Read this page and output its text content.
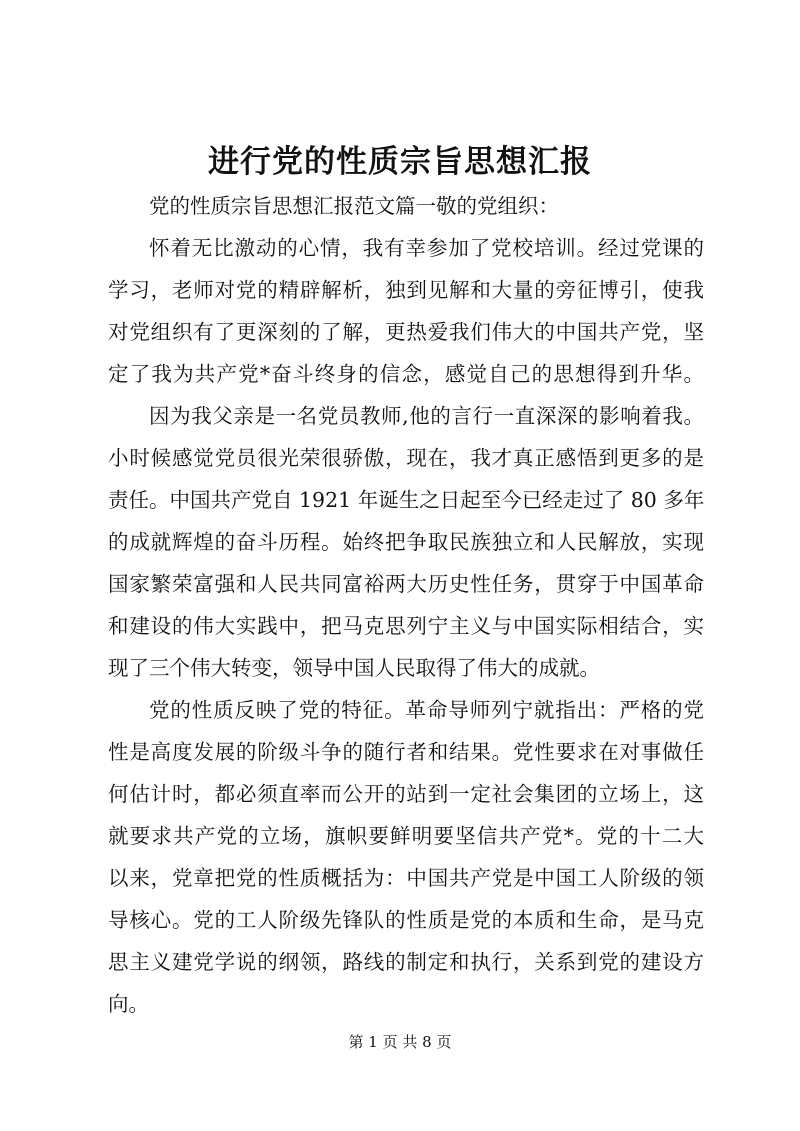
进行党的性质宗旨思想汇报
党的性质宗旨思想汇报范文篇一敬的党组织：
怀着无比激动的心情，我有幸参加了党校培训。经过党课的
学习，老师对党的精辟解析，独到见解和大量的旁征博引，使我
对党组织有了更深刻的了解，更热爱我们伟大的中国共产党，坚
定了我为共产党*奋斗终身的信念，感觉自己的思想得到升华。
因为我父亲是一名党员教师,他的言行一直深深的影响着我。
小时候感觉党员很光荣很骄傲，现在，我才真正感悟到更多的是
责任。中国共产党自 1921 年诞生之日起至今已经走过了 80 多年
的成就辉煌的奋斗历程。始终把争取民族独立和人民解放，实现
国家繁荣富强和人民共同富裕两大历史性任务，贯穿于中国革命
和建设的伟大实践中，把马克思列宁主义与中国实际相结合，实
现了三个伟大转变，领导中国人民取得了伟大的成就。
党的性质反映了党的特征。革命导师列宁就指出：严格的党
性是高度发展的阶级斗争的随行者和结果。党性要求在对事做任
何估计时，都必须直率而公开的站到一定社会集团的立场上，这
就要求共产党的立场，旗帜要鲜明要坚信共产党*。党的十二大
以来，党章把党的性质概括为：中国共产党是中国工人阶级的领
导核心。党的工人阶级先锋队的性质是党的本质和生命，是马克
思主义建党学说的纲领，路线的制定和执行，关系到党的建设方
向。
第 1 页 共 8 页
